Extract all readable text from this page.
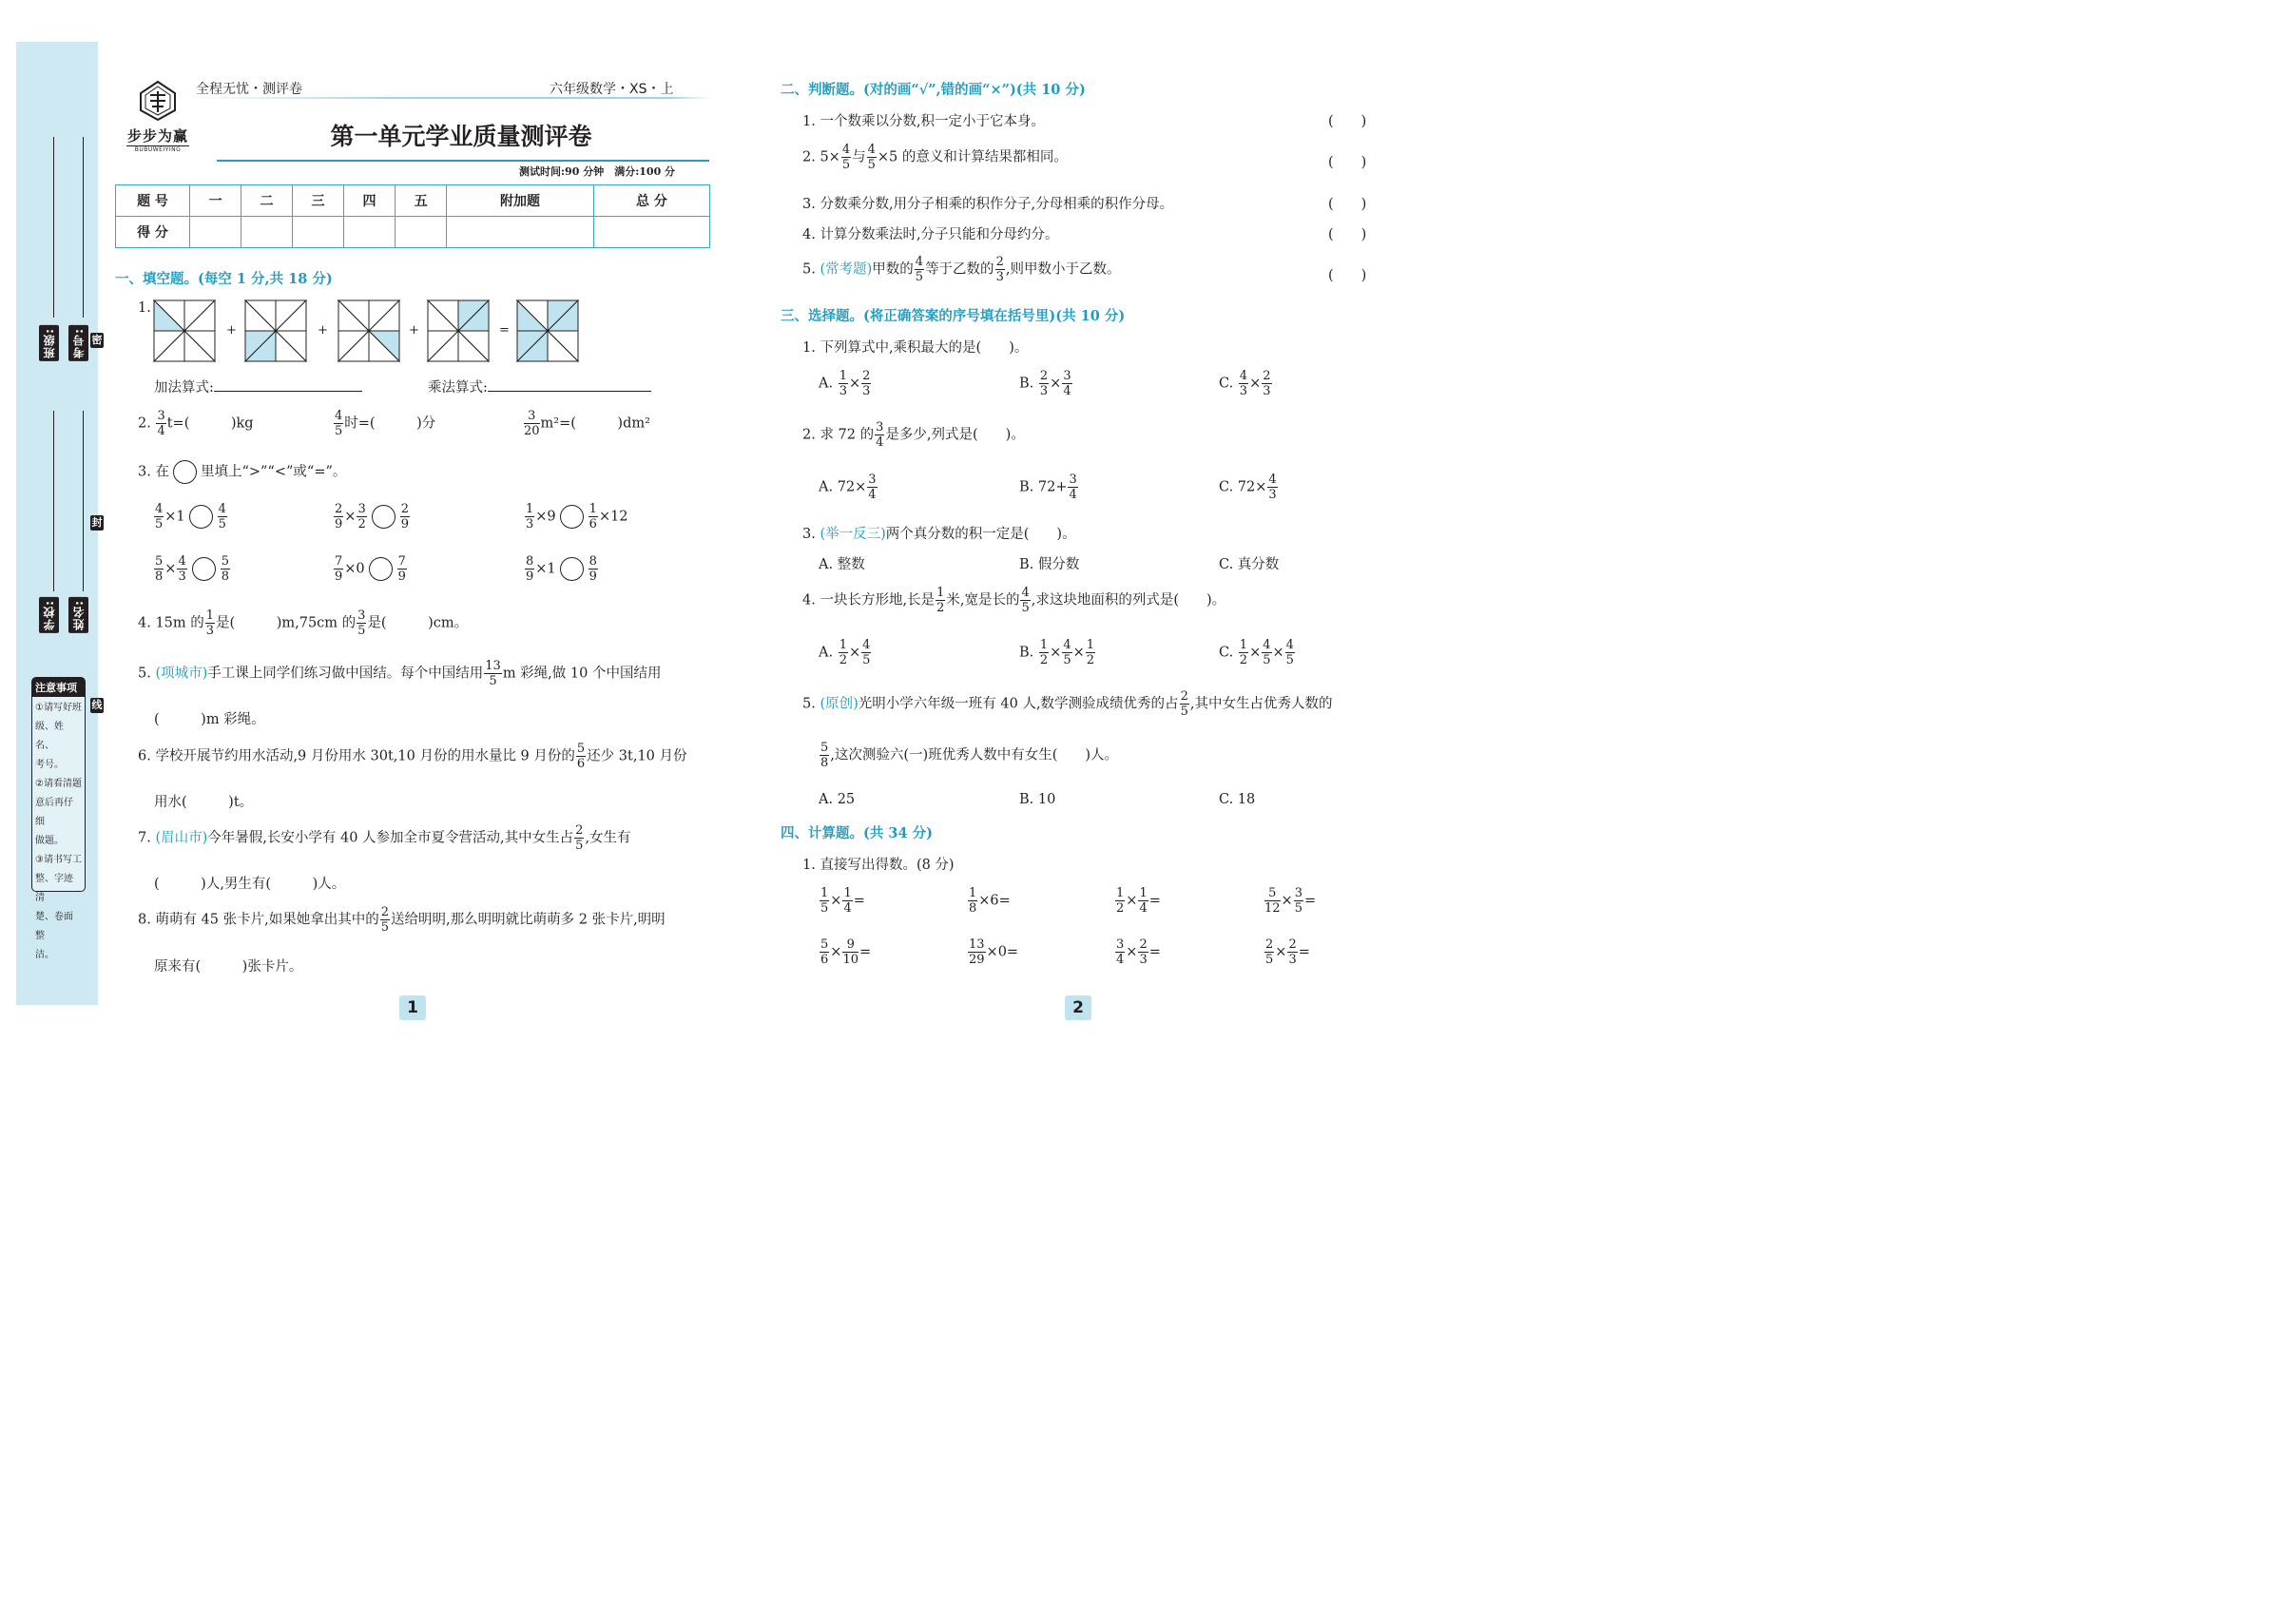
班级:	考号:
学校:	姓名:
密
封
线
注意事项
①请写好班
级、姓名、
考号。
②请看清题
意后再仔细
做题。
③请书写工
整、字迹清
楚、卷面整
洁。
步步为赢
BUBUWEIYING
全程无忧・测评卷	六年级数学・XS・上
第一单元学业质量测评卷
测试时间:90 分钟　满分:100 分
题 号	一	二	三	四	五	附加题	总 分
得 分							
一、填空题。(每空 1 分,共 18 分)
1.
+	+	+	=
加法算式:	乘法算式:
2. $\frac{3}{4} t=$(　　　)kg	$\frac{4}{5}$ 时=(　　　)分	$\frac{3}{20} m^2=$(　　　)dm²
3. 在 里填上“>”“<”或“=”。
$\frac{4}{5} \times 1$	$\frac{4}{5}$	$\frac{2}{9} \times \frac{3}{2}$	$\frac{2}{9}$	$\frac{1}{3} \times 9$	$\frac{1}{6} \times 12$
$\frac{5}{8} \times \frac{4}{3}$	$\frac{5}{8}$	$\frac{7}{9} \times 0$	$\frac{7}{9}$	$\frac{8}{9} \times 1$	$\frac{8}{9}$
4. 15m 的 $\frac{1}{3}$ 是(　　　)m,75cm 的 $\frac{3}{5}$ 是(　　　)cm。
5. (项城市)手工课上同学们练习做中国结。每个中国结用 $\frac{13}{5}$ m 彩绳,做 10 个中国结用
(　　　)m 彩绳。
6. 学校开展节约用水活动,9 月份用水 30t,10 月份的用水量比 9 月份的 $\frac{5}{6}$ 还少 3t,10 月份
用水(　　　)t。
7. (眉山市)今年暑假,长安小学有 40 人参加全市夏令营活动,其中女生占 $\frac{2}{5}$ ,女生有
(　　　)人,男生有(　　　)人。
8. 萌萌有 45 张卡片,如果她拿出其中的 $\frac{2}{5}$ 送给明明,那么明明就比萌萌多 2 张卡片,明明
原来有(　　　)张卡片。
1
二、判断题。(对的画“√”,错的画“×”)(共 10 分)
1. 一个数乘以分数,积一定小于它本身。	(　　)
2. $5\times \frac{4}{5}$ 与 $\frac{4}{5} \times 5$ 的意义和计算结果都相同。	(　　)
3. 分数乘分数,用分子相乘的积作分子,分母相乘的积作分母。	(　　)
4. 计算分数乘法时,分子只能和分母约分。	(　　)
5. (常考题)甲数的 $\frac{4}{5}$ 等于乙数的 $\frac{2}{3}$ ,则甲数小于乙数。	(　　)
三、选择题。(将正确答案的序号填在括号里)(共 10 分)
1. 下列算式中,乘积最大的是(　　)。
A. $\frac{1}{3} \times \frac{2}{3}$	B. $\frac{2}{3} \times \frac{3}{4}$	C. $\frac{4}{3} \times \frac{2}{3}$
2. 求 72 的 $\frac{3}{4}$ 是多少,列式是(　　)。
A. $72\times \frac{3}{4}$	B. $72+ \frac{3}{4}$	C. $72\times \frac{4}{3}$
3. (举一反三)两个真分数的积一定是(　　)。
A. 整数	B. 假分数	C. 真分数
4. 一块长方形地,长是 $\frac{1}{2}$ 米,宽是长的 $\frac{4}{5}$ ,求这块地面积的列式是(　　)。
A. $\frac{1}{2} \times \frac{4}{5}$	B. $\frac{1}{2} \times \frac{4}{5} \times \frac{1}{2}$	C. $\frac{1}{2} \times \frac{4}{5} \times \frac{4}{5}$
5. (原创)光明小学六年级一班有 40 人,数学测验成绩优秀的占 $\frac{2}{5}$ ,其中女生占优秀人数的
$\frac{5}{8}$ ,这次测验六(一)班优秀人数中有女生(　　)人。
A. 25	B. 10	C. 18
四、计算题。(共 34 分)
1. 直接写出得数。(8 分)
$\frac{1}{5} \times \frac{1}{4}$ =	$\frac{1}{8} \times 6=$	$\frac{1}{2} \times \frac{1}{4}$ =	$\frac{5}{12} \times \frac{3}{5}$ =
$\frac{5}{6} \times \frac{9}{10}$ =	$\frac{13}{29} \times 0=$	$\frac{3}{4} \times \frac{2}{3}$ =	$\frac{2}{5} \times \frac{2}{3}$ =
2
